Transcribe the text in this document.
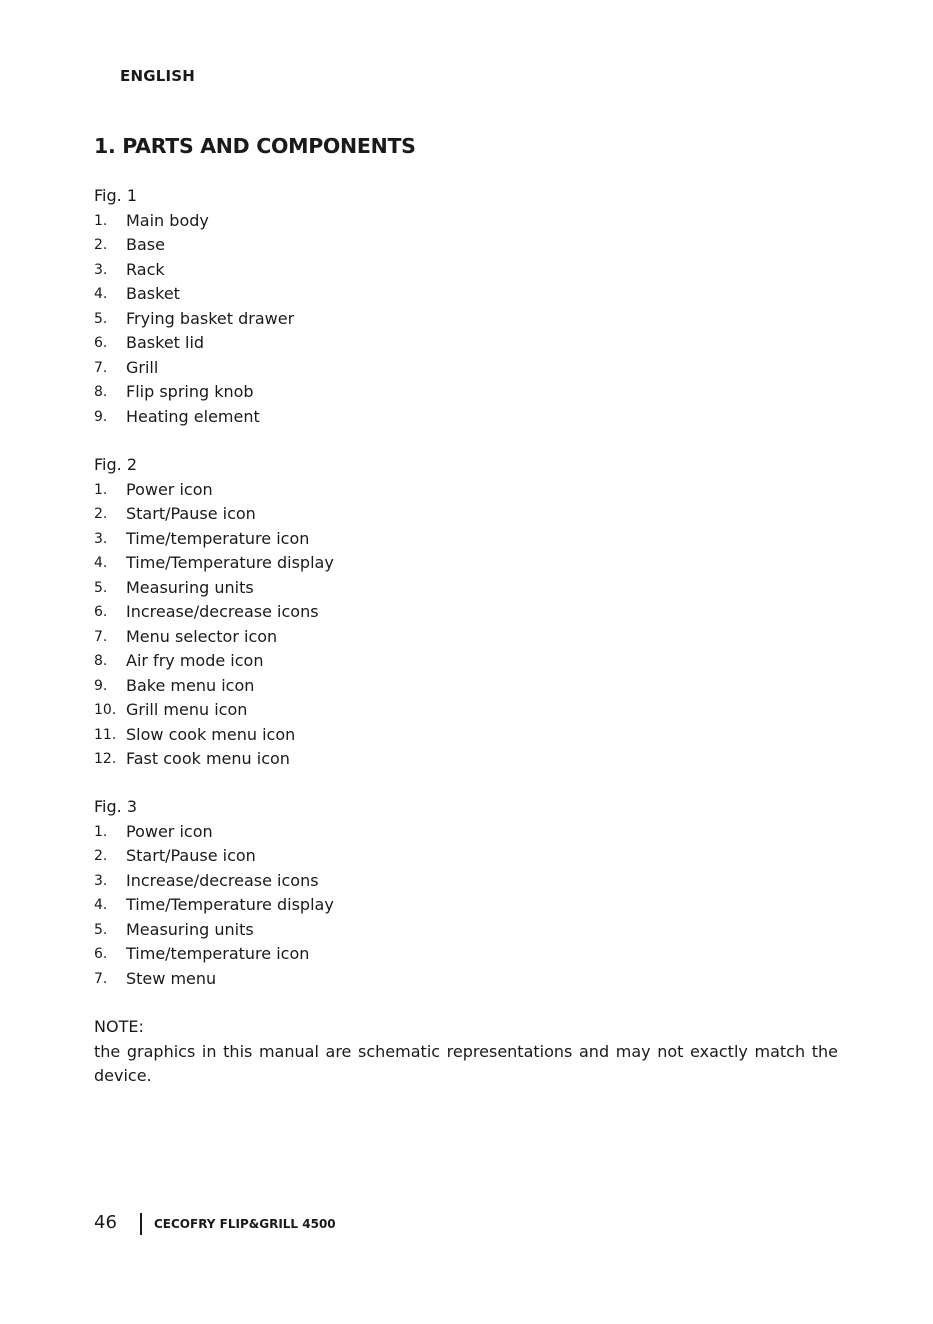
ENGLISH
1. PARTS AND COMPONENTS
Fig. 1
1. Main body
2. Base
3. Rack
4. Basket
5. Frying basket drawer
6. Basket lid
7. Grill
8. Flip spring knob
9. Heating element
Fig. 2
1. Power icon
2. Start/Pause icon
3. Time/temperature icon
4. Time/Temperature display
5. Measuring units
6. Increase/decrease icons
7. Menu selector icon
8. Air fry mode icon
9. Bake menu icon
10. Grill menu icon
11. Slow cook menu icon
12. Fast cook menu icon
Fig. 3
1. Power icon
2. Start/Pause icon
3. Increase/decrease icons
4. Time/Temperature display
5. Measuring units
6. Time/temperature icon
7. Stew menu
NOTE:
the graphics in this manual are schematic representations and may not exactly match the device.
46	CECOFRY FLIP&GRILL 4500
